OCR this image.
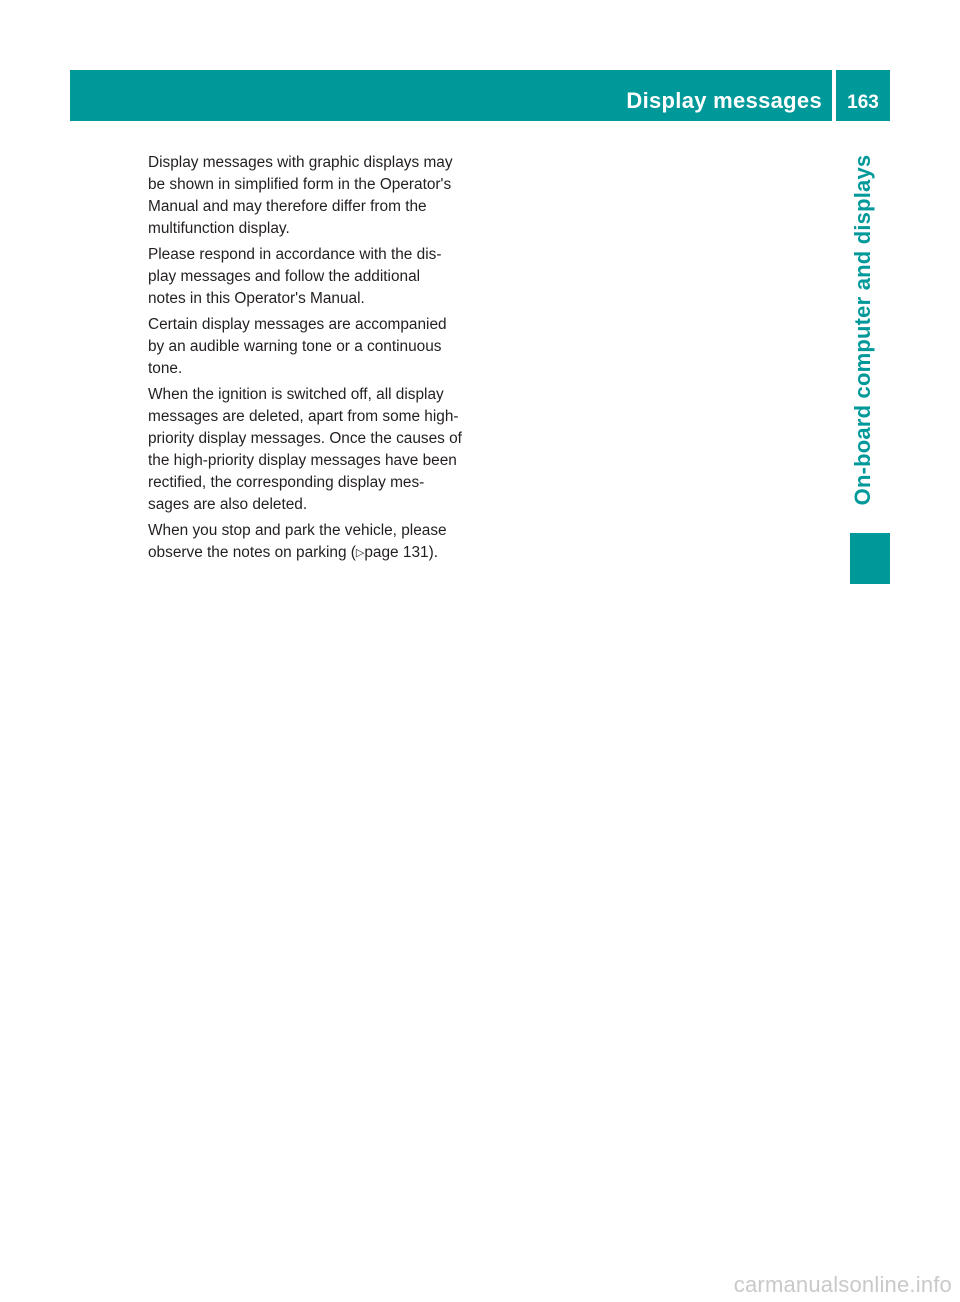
Display messages	163
On-board computer and displays

Display messages with graphic displays may
be shown in simplified form in the Operator's
Manual and may therefore differ from the
multifunction display.

Please respond in accordance with the dis-
play messages and follow the additional
notes in this Operator's Manual.

Certain display messages are accompanied
by an audible warning tone or a continuous
tone.

When the ignition is switched off, all display
messages are deleted, apart from some high-
priority display messages. Once the causes of
the high-priority display messages have been
rectified, the corresponding display mes-
sages are also deleted.

When you stop and park the vehicle, please
observe the notes on parking (▷page 131).

carmanualsonline.info
